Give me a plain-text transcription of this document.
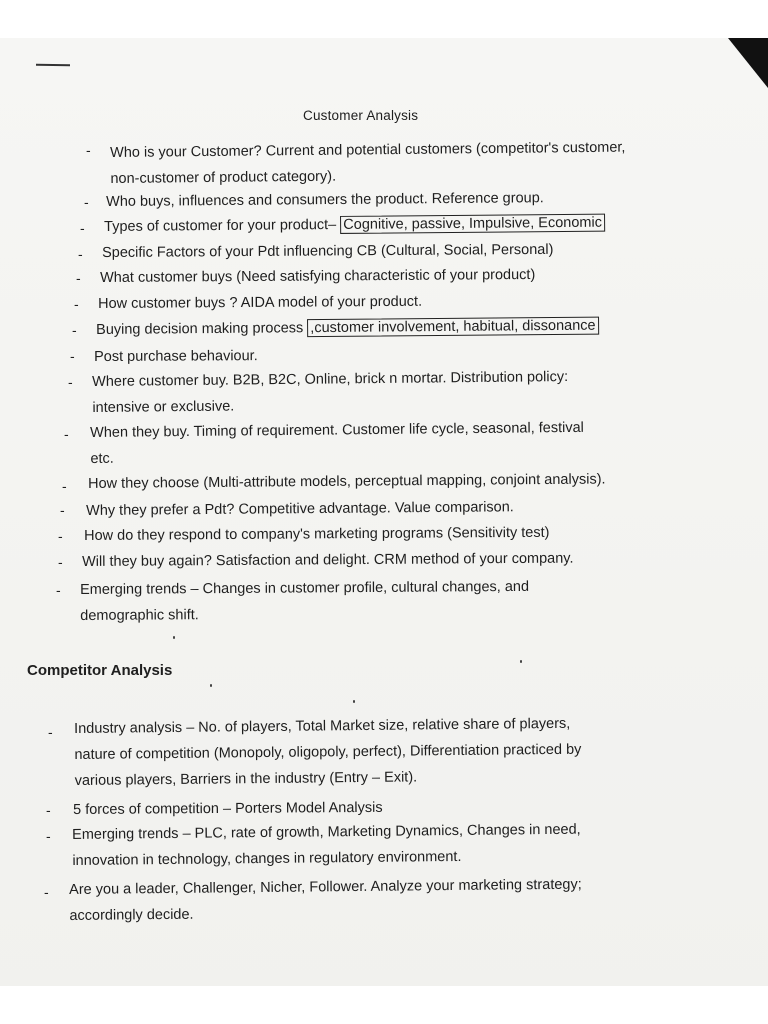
Customer Analysis
- Who is your Customer? Current and potential customers (competitor's customer,
non-customer of product category).
- Who buys, influences and consumers the product. Reference group.
- Types of customer for your product– Cognitive, passive, Impulsive, Economic
- Specific Factors of your Pdt influencing CB (Cultural, Social, Personal)
- What customer buys (Need satisfying characteristic of your product)
- How customer buys ? AIDA model of your product.
- Buying decision making process ,customer involvement, habitual, dissonance
- Post purchase behaviour.
- Where customer buy. B2B, B2C, Online, brick n mortar. Distribution policy:
intensive or exclusive.
- When they buy. Timing of requirement. Customer life cycle, seasonal, festival
etc.
- How they choose (Multi-attribute models, perceptual mapping, conjoint analysis).
- Why they prefer a Pdt? Competitive advantage. Value comparison.
- How do they respond to company's marketing programs (Sensitivity test)
- Will they buy again? Satisfaction and delight. CRM method of your company.
- Emerging trends – Changes in customer profile, cultural changes, and
demographic shift.
Competitor Analysis
- Industry analysis – No. of players, Total Market size, relative share of players,
nature of competition (Monopoly, oligopoly, perfect), Differentiation practiced by
various players, Barriers in the industry (Entry – Exit).
- 5 forces of competition – Porters Model Analysis
- Emerging trends – PLC, rate of growth, Marketing Dynamics, Changes in need,
innovation in technology, changes in regulatory environment.
- Are you a leader, Challenger, Nicher, Follower. Analyze your marketing strategy;
accordingly decide.
